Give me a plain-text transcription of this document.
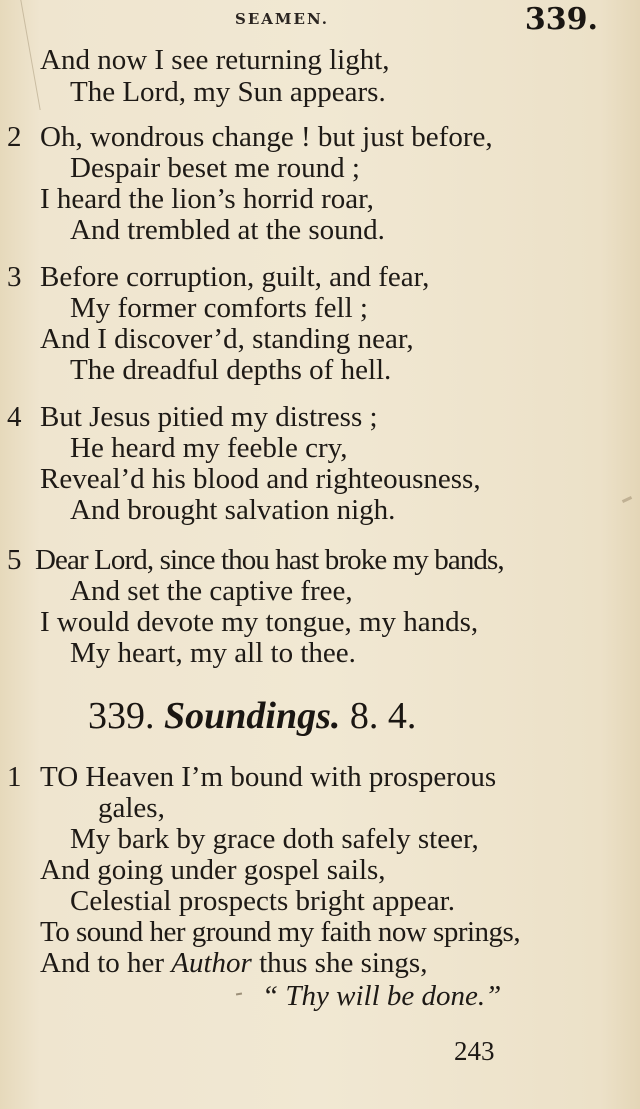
SEAMEN.	339.
And now I see returning light,
The Lord, my Sun appears.
2 Oh, wondrous change ! but just before,
Despair beset me round ;
I heard the lion’s horrid roar,
And trembled at the sound.
3 Before corruption, guilt, and fear,
My former comforts fell ;
And I discover’d, standing near,
The dreadful depths of hell.
4 But Jesus pitied my distress ;
He heard my feeble cry,
Reveal’d his blood and righteousness,
And brought salvation nigh.
5 Dear Lord, since thou hast broke my bands,
And set the captive free,
I would devote my tongue, my hands,
My heart, my all to thee.
339. Soundings. 8. 4.
1 TO Heaven I’m bound with prosperous
gales,
My bark by grace doth safely steer,
And going under gospel sails,
Celestial prospects bright appear.
To sound her ground my faith now springs,
And to her Author thus she sings,
“ Thy will be done.”
243
